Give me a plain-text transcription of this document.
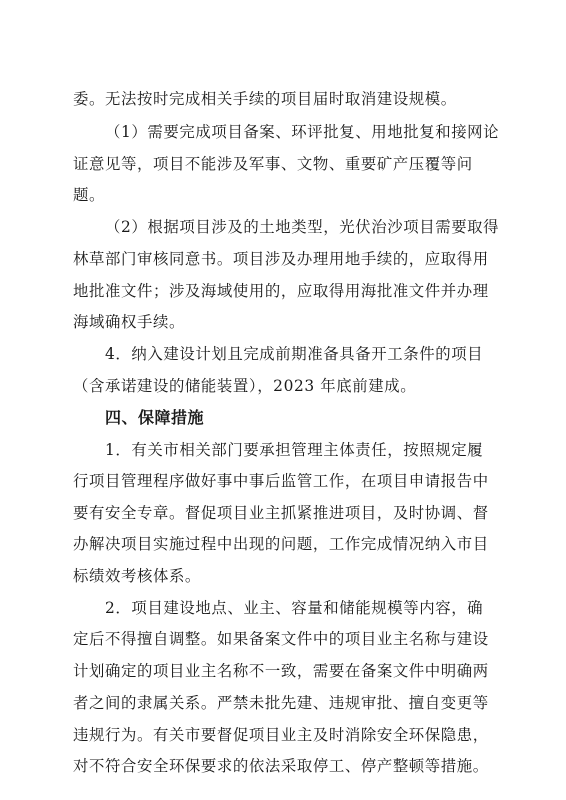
委。无法按时完成相关手续的项目届时取消建设规模。
（1）需要完成项目备案、环评批复、用地批复和接网论
证意见等，项目不能涉及军事、文物、重要矿产压覆等问
题。
（2）根据项目涉及的土地类型，光伏治沙项目需要取得
林草部门审核同意书。项目涉及办理用地手续的，应取得用
地批准文件；涉及海域使用的，应取得用海批准文件并办理
海域确权手续。
4．纳入建设计划且完成前期准备具备开工条件的项目
（含承诺建设的储能装置），2023 年底前建成。
四、保障措施
1．有关市相关部门要承担管理主体责任，按照规定履
行项目管理程序做好事中事后监管工作，在项目申请报告中
要有安全专章。督促项目业主抓紧推进项目，及时协调、督
办解决项目实施过程中出现的问题，工作完成情况纳入市目
标绩效考核体系。
2．项目建设地点、业主、容量和储能规模等内容，确
定后不得擅自调整。如果备案文件中的项目业主名称与建设
计划确定的项目业主名称不一致，需要在备案文件中明确两
者之间的隶属关系。严禁未批先建、违规审批、擅自变更等
违规行为。有关市要督促项目业主及时消除安全环保隐患，
对不符合安全环保要求的依法采取停工、停产整顿等措施。
